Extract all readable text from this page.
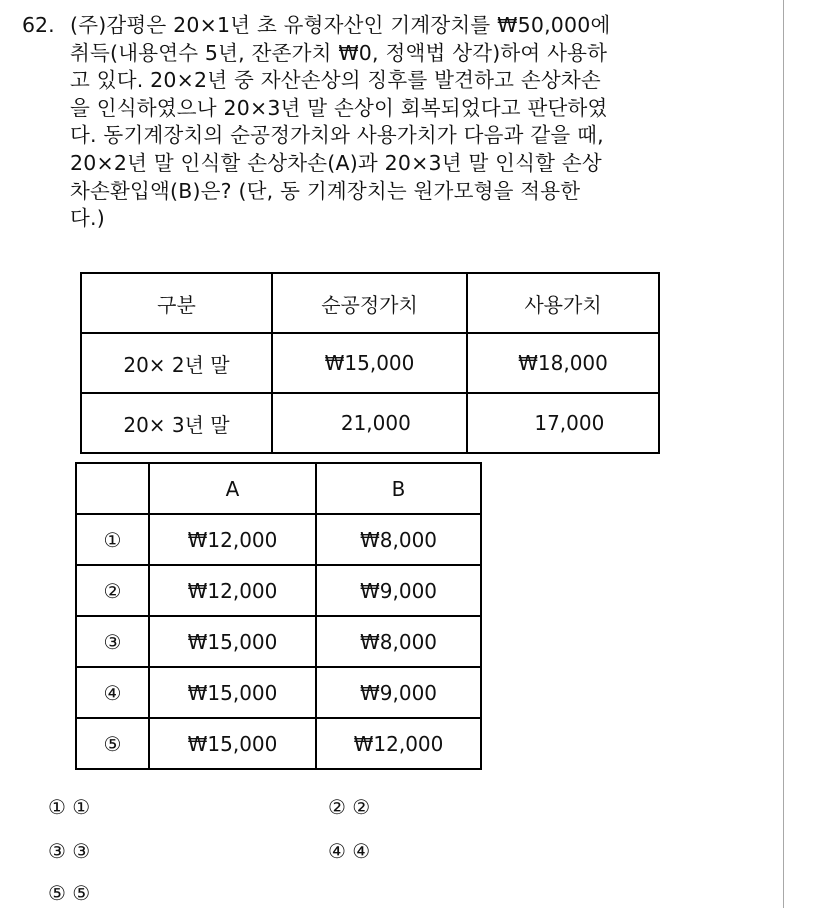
62. (주)감평은 20×1년 초 유형자산인 기계장치를 ₩50,000에
취득(내용연수 5년, 잔존가치 ₩0, 정액법 상각)하여 사용하
고 있다. 20×2년 중 자산손상의 징후를 발견하고 손상차손
을 인식하였으나 20×3년 말 손상이 회복되었다고 판단하였
다. 동기계장치의 순공정가치와 사용가치가 다음과 같을 때,
20×2년 말 인식할 손상차손(A)과 20×3년 말 인식할 손상
차손환입액(B)은? (단, 동 기계장치는 원가모형을 적용한
다.)
구분	순공정가치	사용가치
20× 2년 말	₩15,000	₩18,000
20× 3년 말	21,000	17,000
	A	B
①	₩12,000	₩8,000
②	₩12,000	₩9,000
③	₩15,000	₩8,000
④	₩15,000	₩9,000
⑤	₩15,000	₩12,000
① ①	② ②
③ ③	④ ④
⑤ ⑤
